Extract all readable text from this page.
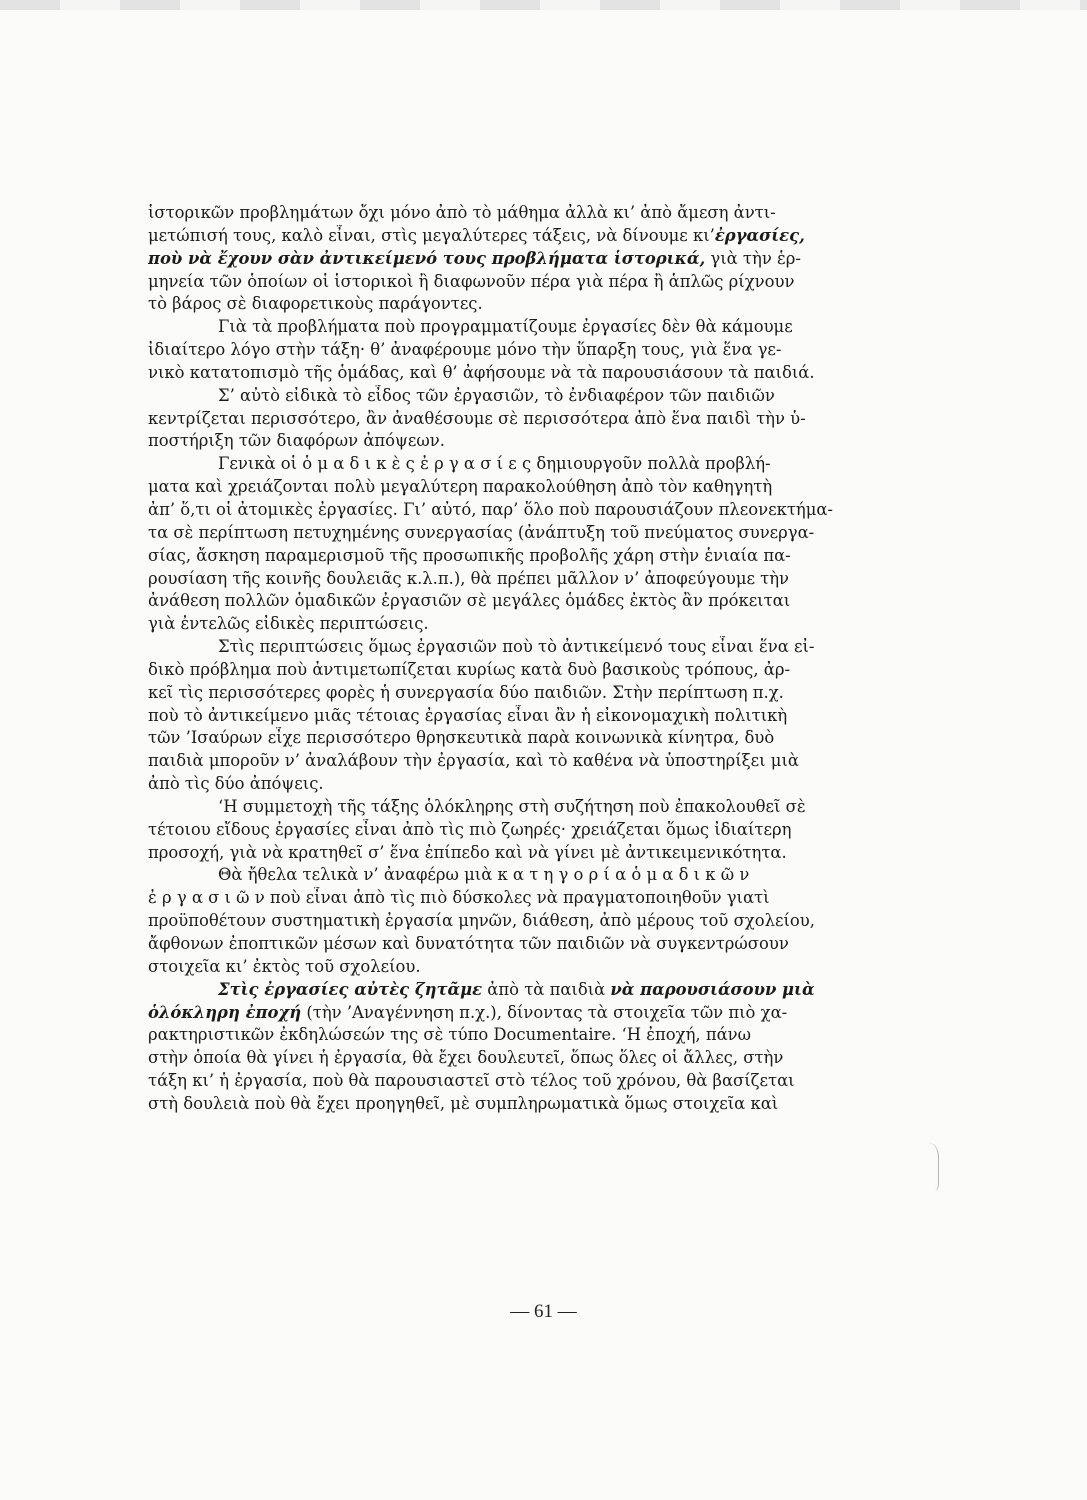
ἱστορικῶν προβλημάτων ὄχι μόνο ἀπὸ τὸ μάθημα ἀλλὰ κι’ ἀπὸ ἄμεση ἀντι-
μετώπισή τους, καλὸ εἶναι, στὶς μεγαλύτερες τάξεις, νὰ δίνουμε κι’ἐργασίες,
ποὺ νὰ ἔχουν σὰν ἀντικείμενό τους προβλήματα ἱστορικά, γιὰ τὴν ἑρ-
μηνεία τῶν ὁποίων οἱ ἱστορικοὶ ἢ διαφωνοῦν πέρα γιὰ πέρα ἢ ἁπλῶς ρίχνουν
τὸ βάρος σὲ διαφορετικοὺς παράγοντες.
Γιὰ τὰ προβλήματα ποὺ προγραμματίζουμε ἐργασίες δὲν θὰ κάμουμε
ἰδιαίτερο λόγο στὴν τάξη· θ’ ἀναφέρουμε μόνο τὴν ὕπαρξη τους, γιὰ ἕνα γε-
νικὸ κατατοπισμὸ τῆς ὁμάδας, καὶ θ’ ἀφήσουμε νὰ τὰ παρουσιάσουν τὰ παιδιά.
Σ’ αὐτὸ εἰδικὰ τὸ εἶδος τῶν ἐργασιῶν, τὸ ἐνδιαφέρον τῶν παιδιῶν
κεντρίζεται περισσότερο, ἂν ἀναθέσουμε σὲ περισσότερα ἀπὸ ἕνα παιδὶ τὴν ὑ-
ποστήριξη τῶν διαφόρων ἀπόψεων.
Γενικὰ οἱ ὁ μ α δ ι κ ὲ ς ἐ ρ γ α σ ί ε ς δημιουργοῦν πολλὰ προβλή-
ματα καὶ χρειάζονται πολὺ μεγαλύτερη παρακολούθηση ἀπὸ τὸν καθηγητὴ
ἀπ’ ὅ,τι οἱ ἀτομικὲς ἐργασίες. Γι’ αὐτό, παρ’ ὅλο ποὺ παρουσιάζουν πλεονεκτήμα-
τα σὲ περίπτωση πετυχημένης συνεργασίας (ἀνάπτυξη τοῦ πνεύματος συνεργα-
σίας, ἄσκηση παραμερισμοῦ τῆς προσωπικῆς προβολῆς χάρη στὴν ἑνιαία πα-
ρουσίαση τῆς κοινῆς δουλειᾶς κ.λ.π.), θὰ πρέπει μᾶλλον ν’ ἀποφεύγουμε τὴν
ἀνάθεση πολλῶν ὁμαδικῶν ἐργασιῶν σὲ μεγάλες ὁμάδες ἐκτὸς ἂν πρόκειται
γιὰ ἐντελῶς εἰδικὲς περιπτώσεις.
Στὶς περιπτώσεις ὅμως ἐργασιῶν ποὺ τὸ ἀντικείμενό τους εἶναι ἕνα εἰ-
δικὸ πρόβλημα ποὺ ἀντιμετωπίζεται κυρίως κατὰ δυὸ βασικοὺς τρόπους, ἀρ-
κεῖ τὶς περισσότερες φορὲς ἡ συνεργασία δύο παιδιῶν. Στὴν περίπτωση π.χ.
ποὺ τὸ ἀντικείμενο μιᾶς τέτοιας ἐργασίας εἶναι ἂν ἡ εἰκονομαχικὴ πολιτικὴ
τῶν ’Ισαύρων εἶχε περισσότερο θρησκευτικὰ παρὰ κοινωνικὰ κίνητρα, δυὸ
παιδιὰ μποροῦν ν’ ἀναλάβουν τὴν ἐργασία, καὶ τὸ καθένα νὰ ὑποστηρίξει μιὰ
ἀπὸ τὶς δύο ἀπόψεις.
‘Η συμμετοχὴ τῆς τάξης ὁλόκληρης στὴ συζήτηση ποὺ ἐπακολουθεῖ σὲ
τέτοιου εἴδους ἐργασίες εἶναι ἀπὸ τὶς πιὸ ζωηρές· χρειάζεται ὅμως ἰδιαίτερη
προσοχή, γιὰ νὰ κρατηθεῖ σ’ ἕνα ἐπίπεδο καὶ νὰ γίνει μὲ ἀντικειμενικότητα.
Θὰ ἤθελα τελικὰ ν’ ἀναφέρω μιὰ κ α τ η γ ο ρ ί α ὁ μ α δ ι κ ῶ ν
ἐ ρ γ α σ ι ῶ ν ποὺ εἶναι ἀπὸ τὶς πιὸ δύσκολες νὰ πραγματοποιηθοῦν γιατὶ
προϋποθέτουν συστηματικὴ ἐργασία μηνῶν, διάθεση, ἀπὸ μέρους τοῦ σχολείου,
ἄφθονων ἐποπτικῶν μέσων καὶ δυνατότητα τῶν παιδιῶν νὰ συγκεντρώσουν
στοιχεῖα κι’ ἐκτὸς τοῦ σχολείου.
Στὶς ἐργασίες αὐτὲς ζητᾶμε ἀπὸ τὰ παιδιὰ νὰ παρουσιάσουν μιὰ
ὁλόκληρη ἐποχή (τὴν ’Αναγέννηση π.χ.), δίνοντας τὰ στοιχεῖα τῶν πιὸ χα-
ρακτηριστικῶν ἐκδηλώσεών της σὲ τύπο Documentaire. ‘Η ἐποχή, πάνω
στὴν ὁποία θὰ γίνει ἡ ἐργασία, θὰ ἔχει δουλευτεῖ, ὅπως ὅλες οἱ ἄλλες, στὴν
τάξη κι’ ἡ ἐργασία, ποὺ θὰ παρουσιαστεῖ στὸ τέλος τοῦ χρόνου, θὰ βασίζεται
στὴ δουλειὰ ποὺ θὰ ἔχει προηγηθεῖ, μὲ συμπληρωματικὰ ὅμως στοιχεῖα καὶ
— 61 —
